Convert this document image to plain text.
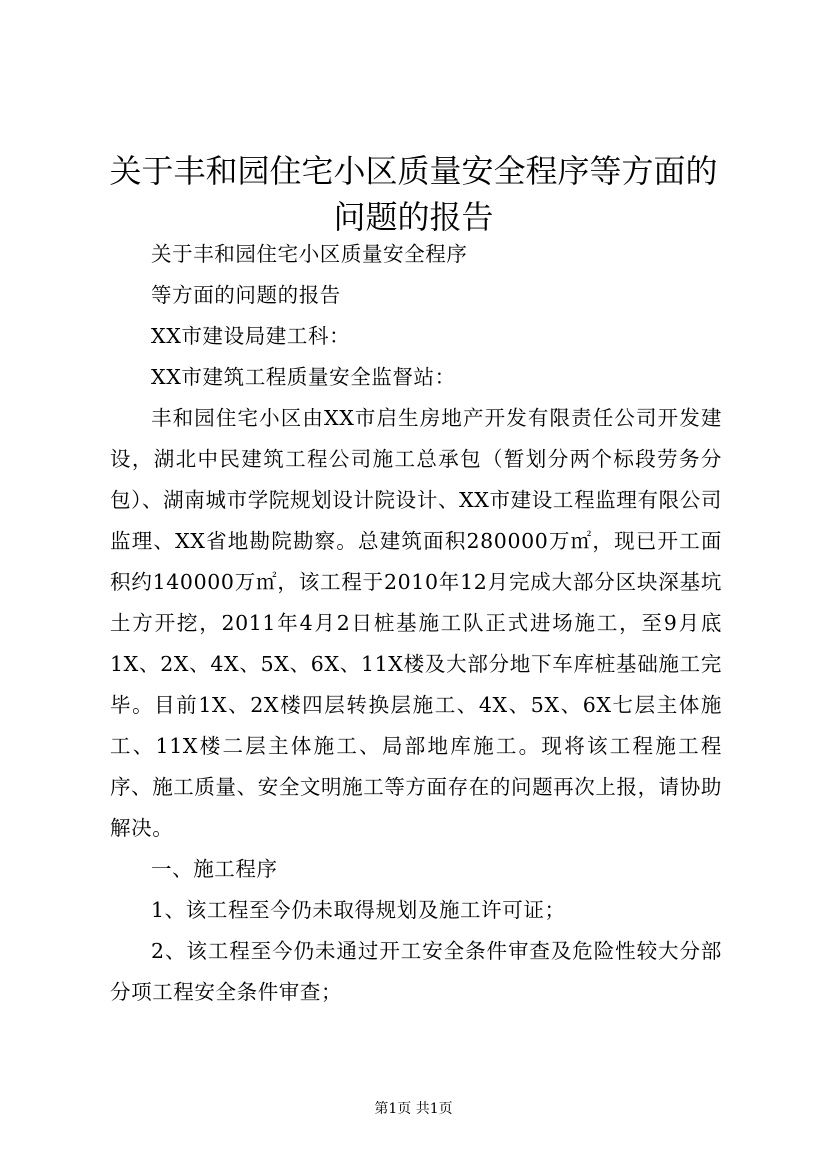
关于丰和园住宅小区质量安全程序等方面的问题的报告

关于丰和园住宅小区质量安全程序

等方面的问题的报告

XX市建设局建工科：

XX市建筑工程质量安全监督站：

丰和园住宅小区由XX市启生房地产开发有限责任公司开发建设，湖北中民建筑工程公司施工总承包（暂划分两个标段劳务分包）、湖南城市学院规划设计院设计、XX市建设工程监理有限公司监理、XX省地勘院勘察。总建筑面积280000万㎡，现已开工面积约140000万㎡，该工程于2010年12月完成大部分区块深基坑土方开挖，2011年4月2日桩基施工队正式进场施工，至9月底1X、2X、4X、5X、6X、11X楼及大部分地下车库桩基础施工完毕。目前1X、2X楼四层转换层施工、4X、5X、6X七层主体施工、11X楼二层主体施工、局部地库施工。现将该工程施工程序、施工质量、安全文明施工等方面存在的问题再次上报，请协助解决。

一、施工程序

1、该工程至今仍未取得规划及施工许可证；

2、该工程至今仍未通过开工安全条件审查及危险性较大分部分项工程安全条件审查；

第1页 共1页
